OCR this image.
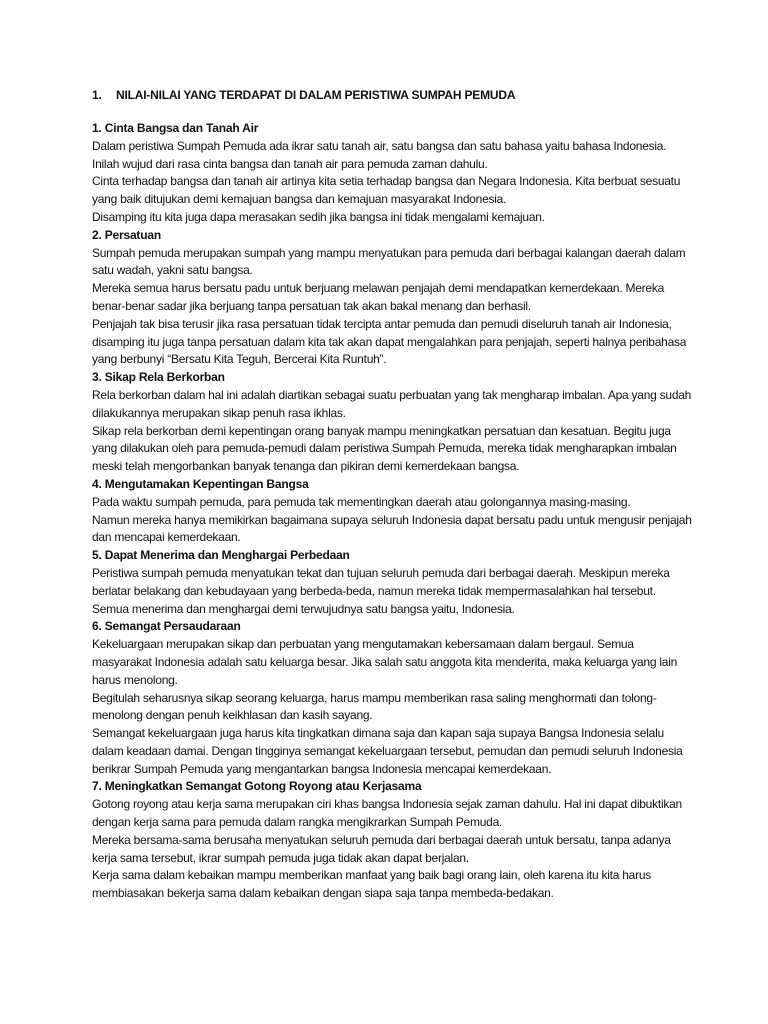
1.	NILAI-NILAI YANG TERDAPAT DI DALAM PERISTIWA SUMPAH PEMUDA
1. Cinta Bangsa dan Tanah Air

Dalam peristiwa Sumpah Pemuda ada ikrar satu tanah air, satu bangsa dan satu bahasa yaitu bahasa Indonesia. Inilah wujud dari rasa cinta bangsa dan tanah air para pemuda zaman dahulu.

Cinta terhadap bangsa dan tanah air artinya kita setia terhadap bangsa dan Negara Indonesia. Kita berbuat sesuatu yang baik ditujukan demi kemajuan bangsa dan kemajuan masyarakat Indonesia.

Disamping itu kita juga dapa merasakan sedih jika bangsa ini tidak mengalami kemajuan.

2. Persatuan

Sumpah pemuda merupakan sumpah yang mampu menyatukan para pemuda dari berbagai kalangan daerah dalam satu wadah, yakni satu bangsa.

Mereka semua harus bersatu padu untuk berjuang melawan penjajah demi mendapatkan kemerdekaan. Mereka benar-benar sadar jika berjuang tanpa persatuan tak akan bakal menang dan berhasil.

Penjajah tak bisa terusir jika rasa persatuan tidak tercipta antar pemuda dan pemudi diseluruh tanah air Indonesia, disamping itu juga tanpa persatuan dalam kita tak akan dapat mengalahkan para penjajah, seperti halnya peribahasa yang berbunyi “Bersatu Kita Teguh, Bercerai Kita Runtuh”.

3. Sikap Rela Berkorban

Rela berkorban dalam hal ini adalah diartikan sebagai suatu perbuatan yang tak mengharap imbalan. Apa yang sudah dilakukannya merupakan sikap penuh rasa ikhlas.

Sikap rela berkorban demi kepentingan orang banyak mampu meningkatkan persatuan dan kesatuan. Begitu juga yang dilakukan oleh para pemuda-pemudi dalam peristiwa Sumpah Pemuda, mereka tidak mengharapkan imbalan meski telah mengorbankan banyak tenanga dan pikiran demi kemerdekaan bangsa.

4. Mengutamakan Kepentingan Bangsa

Pada waktu sumpah pemuda, para pemuda tak mementingkan daerah atau golongannya masing-masing.

Namun mereka hanya memikirkan bagaimana supaya seluruh Indonesia dapat bersatu padu untuk mengusir penjajah dan mencapai kemerdekaan.

5. Dapat Menerima dan Menghargai Perbedaan

Peristiwa sumpah pemuda menyatukan tekat dan tujuan seluruh pemuda dari berbagai daerah. Meskipun mereka berlatar belakang dan kebudayaan yang berbeda-beda, namun mereka tidak mempermasalahkan hal tersebut. Semua menerima dan menghargai demi terwujudnya satu bangsa yaitu, Indonesia.

6. Semangat Persaudaraan

Kekeluargaan merupakan sikap dan perbuatan yang mengutamakan kebersamaan dalam bergaul. Semua masyarakat Indonesia adalah satu keluarga besar. Jika salah satu anggota kita menderita, maka keluarga yang lain harus menolong.

Begitulah seharusnya sikap seorang keluarga, harus mampu memberikan rasa saling menghormati dan tolong-menolong dengan penuh keikhlasan dan kasih sayang.

Semangat kekeluargaan juga harus kita tingkatkan dimana saja dan kapan saja supaya Bangsa Indonesia selalu dalam keadaan damai. Dengan tingginya semangat kekeluargaan tersebut, pemudan dan pemudi seluruh Indonesia berikrar Sumpah Pemuda yang mengantarkan bangsa Indonesia mencapai kemerdekaan.

7. Meningkatkan Semangat Gotong Royong atau Kerjasama

Gotong royong atau kerja sama merupakan ciri khas bangsa Indonesia sejak zaman dahulu. Hal ini dapat dibuktikan dengan kerja sama para pemuda dalam rangka mengikrarkan Sumpah Pemuda.

Mereka bersama-sama berusaha menyatukan seluruh pemuda dari berbagai daerah untuk bersatu, tanpa adanya kerja sama tersebut, ikrar sumpah pemuda juga tidak akan dapat berjalan.

Kerja sama dalam kebaikan mampu memberikan manfaat yang baik bagi orang lain, oleh karena itu kita harus membiasakan bekerja sama dalam kebaikan dengan siapa saja tanpa membeda-bedakan.
